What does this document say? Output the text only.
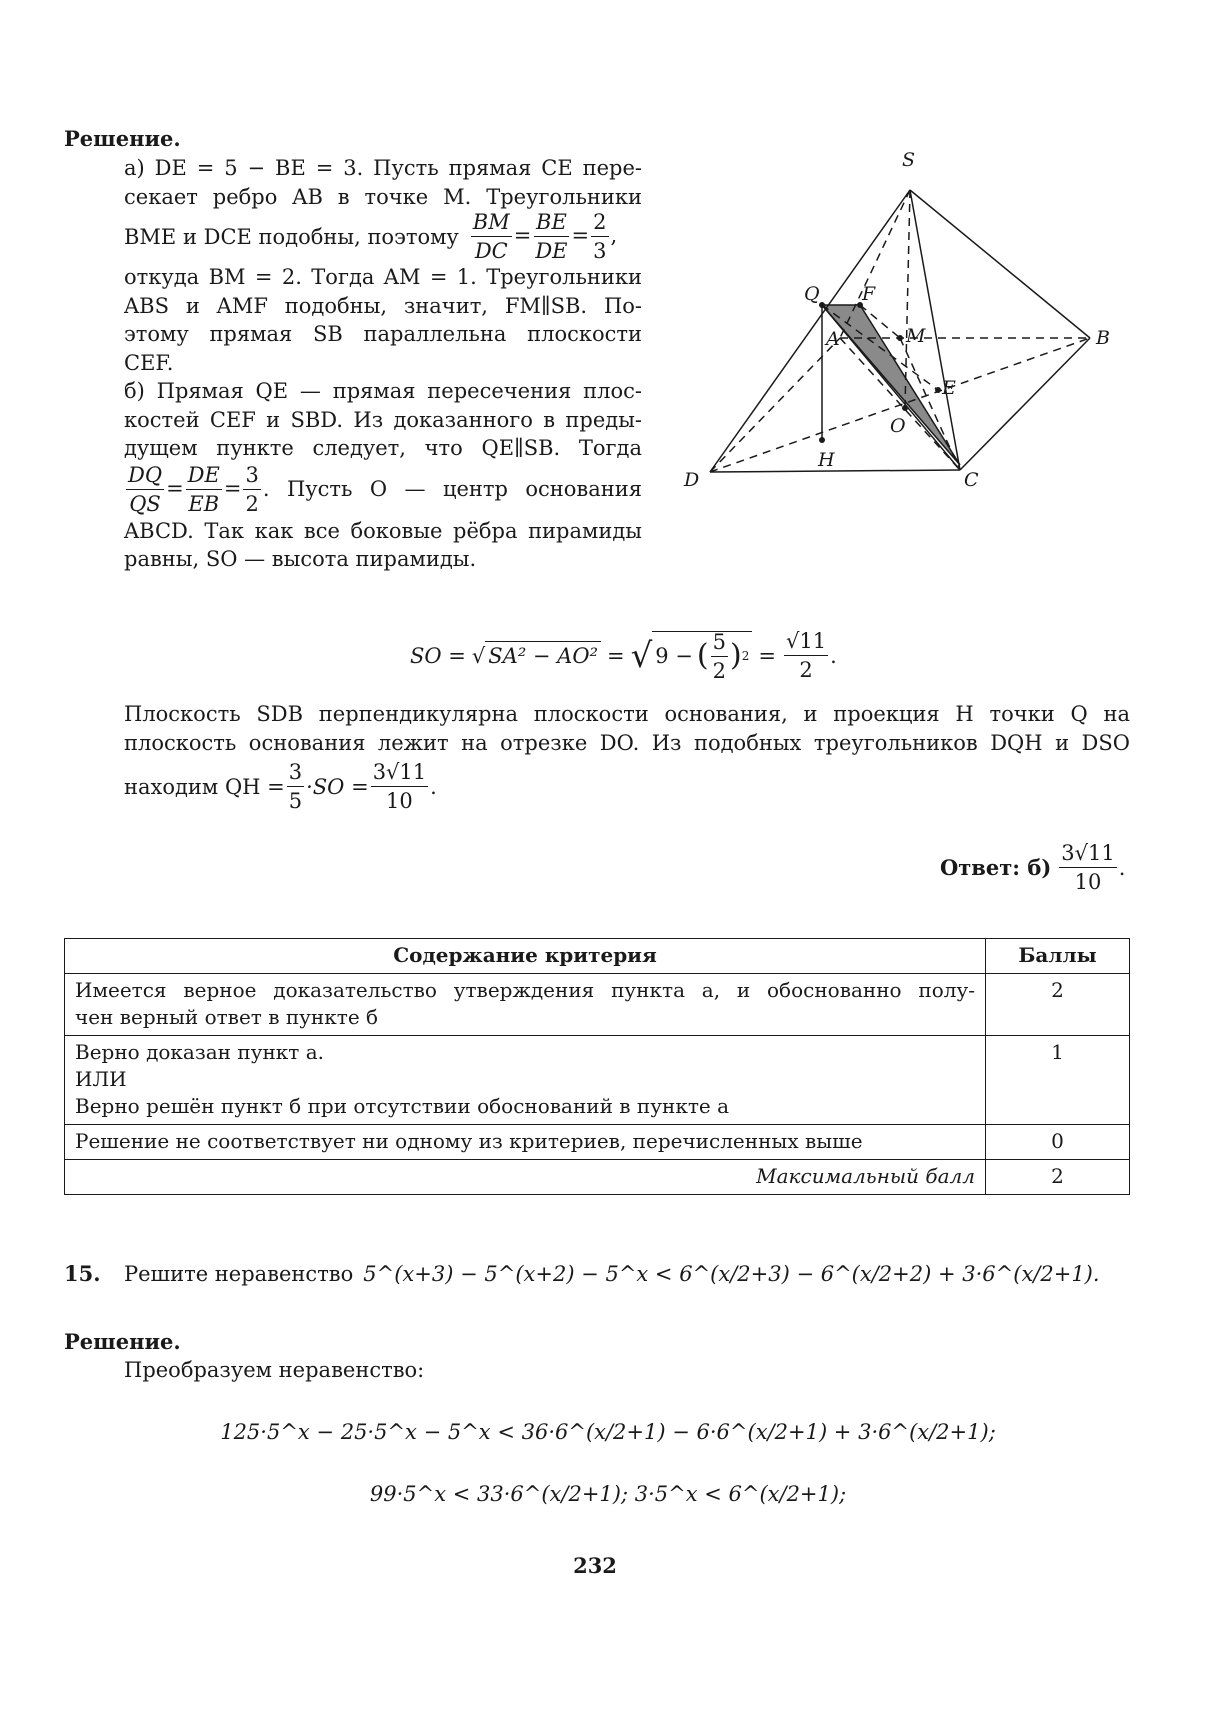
Решение.
а) DE = 5 − BE = 3. Пусть прямая CE пере-
секает ребро AB в точке M. Треугольники
BME и DCE подобны, поэтому $\frac{BM}{DC} = \frac{BE}{DE} = \frac{2}{3}$ ,
откуда BM = 2. Тогда AM = 1. Треугольники
ABS и AMF подобны, значит, FM∥SB. По-
этому прямая SB параллельна плоскости
CEF.
б) Прямая QE — прямая пересечения плос-
костей CEF и SBD. Из доказанного в преды-
дущем пункте следует, что QE∥SB. Тогда
$\frac{DQ}{QS} = \frac{DE}{EB} = \frac{3}{2}$ . Пусть O — центр основания
ABCD. Так как все боковые рёбра пирамиды
равны, SO — высота пирамиды.
S
Q F
A	M	B
E
O
H
D	C
SO = √ SA² − AO² = √ 9 − ( $\frac{5}{2}$ ) $2 = \frac{√11}{2}$ .
Плоскость SDB перпендикулярна плоскости основания, и проекция H точки Q на
плоскость основания лежит на отрезке DO. Из подобных треугольников DQH и DSO
находим QH = $\frac{3}{5} \cdot SO = \frac{3√11}{10}$ .
Ответ: $б) \frac{3√11}{10}$ .
Содержание критерия	Баллы

Имеется верное доказательство утверждения пункта а, и обоснованно полу-
чен верный ответ в пункте б	2

Верно доказан пункт а.
ИЛИ
Верно решён пункт б при отсутствии обоснований в пункте а	1

Решение не соответствует ни одному из критериев, перечисленных выше	0
Максимальный балл	2
15.	Решите неравенство 5^(x+3) − 5^(x+2) − 5^x < 6^(x/2+3) − 6^(x/2+2) + 3·6^(x/2+1).
Решение.
Преобразуем неравенство:
125·5^x − 25·5^x − 5^x < 36·6^(x/2+1) − 6·6^(x/2+1) + 3·6^(x/2+1);
99·5^x < 33·6^(x/2+1); 3·5^x < 6^(x/2+1);
232
